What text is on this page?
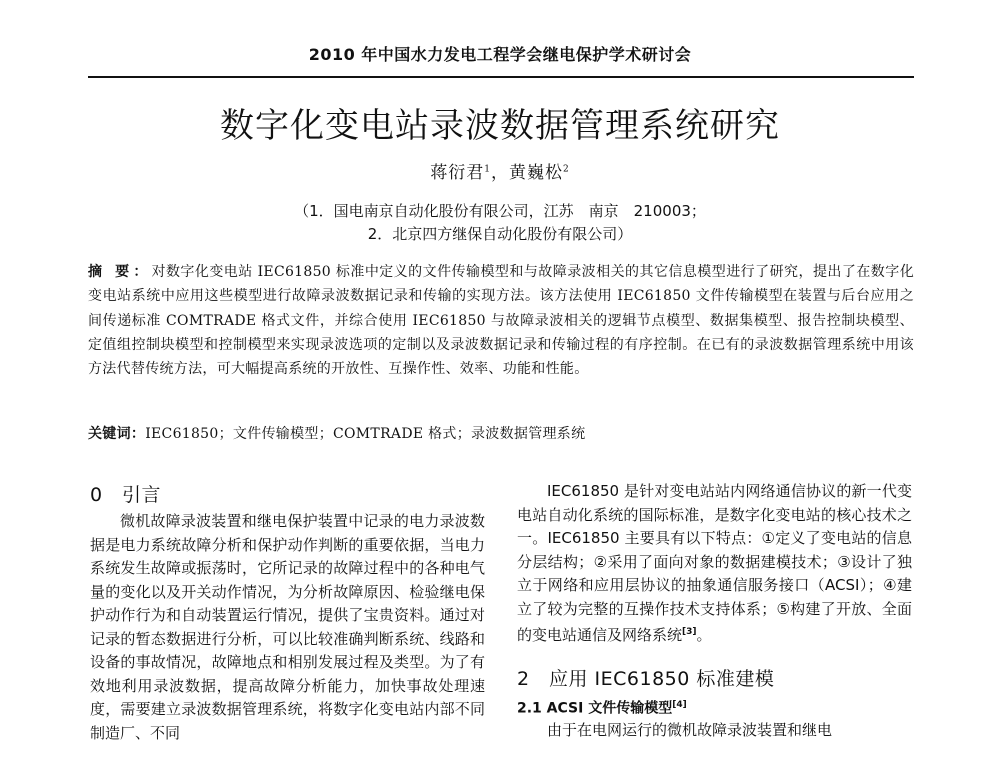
2010 年中国水力发电工程学会继电保护学术研讨会
数字化变电站录波数据管理系统研究
蒋衍君$^1$，黄巍松$^2$
（1．国电南京自动化股份有限公司，江苏　南京　210003；
2．北京四方继保自动化股份有限公司）
摘 要：对数字化变电站 IEC61850 标准中定义的文件传输模型和与故障录波相关的其它信息模型进行了研究，提出了在数字化变电站系统中应用这些模型进行故障录波数据记录和传输的实现方法。该方法使用 IEC61850 文件传输模型在装置与后台应用之间传递标准 COMTRADE 格式文件，并综合使用 IEC61850 与故障录波相关的逻辑节点模型、数据集模型、报告控制块模型、定值组控制块模型和控制模型来实现录波选项的定制以及录波数据记录和传输过程的有序控制。在已有的录波数据管理系统中用该方法代替传统方法，可大幅提高系统的开放性、互操作性、效率、功能和性能。
关键词：IEC61850；文件传输模型；COMTRADE 格式；录波数据管理系统
0 引言

微机故障录波装置和继电保护装置中记录的电力录波数据是电力系统故障分析和保护动作判断的重要依据，当电力系统发生故障或振荡时，它所记录的故障过程中的各种电气量的变化以及开关动作情况，为分析故障原因、检验继电保护动作行为和自动装置运行情况，提供了宝贵资料。通过对记录的暂态数据进行分析，可以比较准确判断系统、线路和设备的事故情况，故障地点和相别发展过程及类型。为了有效地利用录波数据，提高故障分析能力，加快事故处理速度，需要建立录波数据管理系统，将数字化变电站内部不同制造厂、不同

IEC61850 是针对变电站站内网络通信协议的新一代变电站自动化系统的国际标准，是数字化变电站的核心技术之一。IEC61850 主要具有以下特点：①定义了变电站的信息分层结构；②采用了面向对象的数据建模技术；③设计了独立于网络和应用层协议的抽象通信服务接口（ACSI）；④建立了较为完整的互操作技术支持体系；⑤构建了开放、全面的变电站通信及网络系统[3]。

2 应用 IEC61850 标准建模
2.1 ACSI 文件传输模型[4]

由于在电网运行的微机故障录波装置和继电
